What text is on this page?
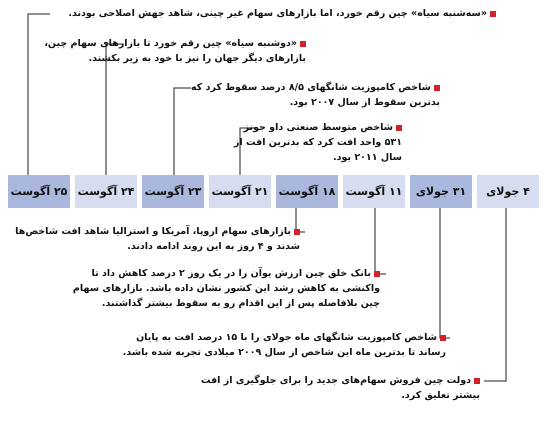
«سه‌شنبه سیاه» چین رقم خورد، اما بازارهای سهام غیر چینی، شاهد جهش اصلاحی بودند.
«دوشنبه سیاه» چین رقم خورد تا بازارهای سهام چین،
بازارهای دیگر جهان را نیز با خود به زیر بکشند.
شاخص کامپوزیت شانگهای ۸/۵ درصد سقوط کرد که
بدترین سقوط از سال ۲۰۰۷ بود.
شاخص متوسط صنعتی داو جونز
۵۳۱ واحد افت کرد که بدترین افت از
سال ۲۰۱۱ بود.
۲۵ آگوست ۲۴ آگوست ۲۳ آگوست ۲۱ آگوست ۱۸ آگوست ۱۱ آگوست	۳۱ جولای	۴ جولای
بازارهای سهام اروپا، آمریکا و استرالیا شاهد افت شاخص‌ها
شدند و ۴ روز به این روند ادامه دادند.
بانک خلق چین ارزش یوآن را در یک روز ۲ درصد کاهش داد تا
واکنشی به کاهش رشد این کشور نشان داده باشد. بازارهای سهام
چین بلافاصله پس از این اقدام رو به سقوط بیشتر گذاشتند.
شاخص کامپوزیت شانگهای ماه جولای را با ۱۵ درصد افت به پایان
رساند تا بدترین ماه این شاخص از سال ۲۰۰۹ میلادی تجربه شده باشد.
دولت چین فروش سهام‌های جدید را برای جلوگیری از افت
بیشتر تعلیق کرد.
